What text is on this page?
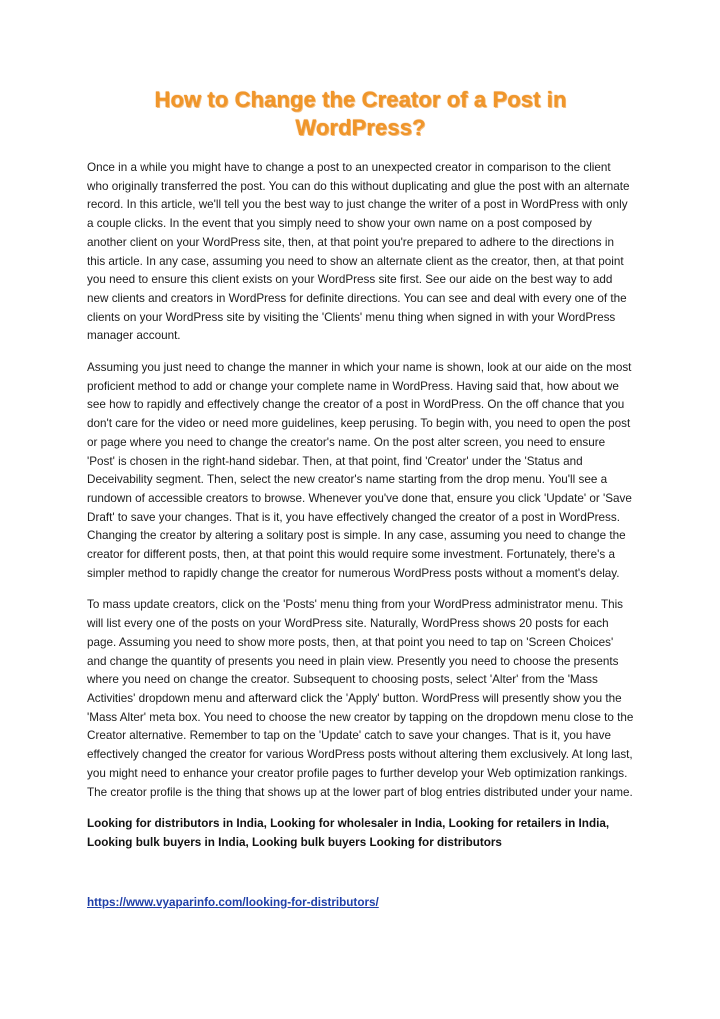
How to Change the Creator of a Post in WordPress?

Once in a while you might have to change a post to an unexpected creator in comparison to the client who originally transferred the post. You can do this without duplicating and glue the post with an alternate record. In this article, we'll tell you the best way to just change the writer of a post in WordPress with only a couple clicks. In the event that you simply need to show your own name on a post composed by another client on your WordPress site, then, at that point you're prepared to adhere to the directions in this article. In any case, assuming you need to show an alternate client as the creator, then, at that point you need to ensure this client exists on your WordPress site first. See our aide on the best way to add new clients and creators in WordPress for definite directions. You can see and deal with every one of the clients on your WordPress site by visiting the 'Clients' menu thing when signed in with your WordPress manager account.

Assuming you just need to change the manner in which your name is shown, look at our aide on the most proficient method to add or change your complete name in WordPress. Having said that, how about we see how to rapidly and effectively change the creator of a post in WordPress. On the off chance that you don't care for the video or need more guidelines, keep perusing. To begin with, you need to open the post or page where you need to change the creator's name. On the post alter screen, you need to ensure 'Post' is chosen in the right-hand sidebar. Then, at that point, find 'Creator' under the 'Status and Deceivability segment. Then, select the new creator's name starting from the drop menu. You'll see a rundown of accessible creators to browse. Whenever you've done that, ensure you click 'Update' or 'Save Draft' to save your changes. That is it, you have effectively changed the creator of a post in WordPress. Changing the creator by altering a solitary post is simple. In any case, assuming you need to change the creator for different posts, then, at that point this would require some investment. Fortunately, there's a simpler method to rapidly change the creator for numerous WordPress posts without a moment's delay.

To mass update creators, click on the 'Posts' menu thing from your WordPress administrator menu. This will list every one of the posts on your WordPress site. Naturally, WordPress shows 20 posts for each page. Assuming you need to show more posts, then, at that point you need to tap on 'Screen Choices' and change the quantity of presents you need in plain view. Presently you need to choose the presents where you need on change the creator. Subsequent to choosing posts, select 'Alter' from the 'Mass Activities' dropdown menu and afterward click the 'Apply' button. WordPress will presently show you the 'Mass Alter' meta box. You need to choose the new creator by tapping on the dropdown menu close to the Creator alternative. Remember to tap on the 'Update' catch to save your changes. That is it, you have effectively changed the creator for various WordPress posts without altering them exclusively. At long last, you might need to enhance your creator profile pages to further develop your Web optimization rankings. The creator profile is the thing that shows up at the lower part of blog entries distributed under your name.

Looking for distributors in India, Looking for wholesaler in India, Looking for retailers in India, Looking bulk buyers in India, Looking bulk buyers Looking for distributors

https://www.vyaparinfo.com/looking-for-distributors/
